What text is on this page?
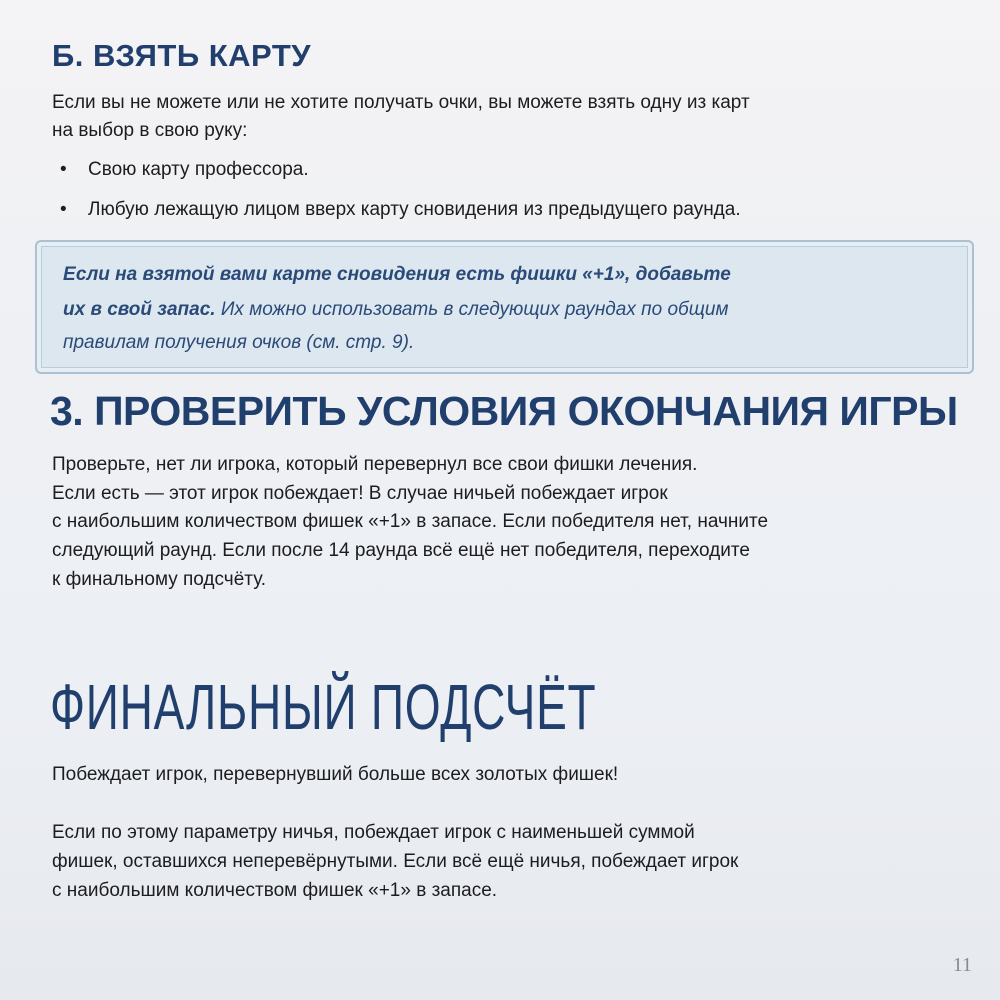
Б. ВЗЯТЬ КАРТУ
Если вы не можете или не хотите получать очки, вы можете взять одну из карт
на выбор в свою руку:
• Свою карту профессора.
• Любую лежащую лицом вверх карту сновидения из предыдущего раунда.
Если на взятой вами карте сновидения есть фишки «+1», добавьте
их в свой запас. Их можно использовать в следующих раундах по общим
правилам получения очков (см. стр. 9).
3. ПРОВЕРИТЬ УСЛОВИЯ ОКОНЧАНИЯ ИГРЫ
Проверьте, нет ли игрока, который перевернул все свои фишки лечения.
Если есть — этот игрок побеждает! В случае ничьей побеждает игрок
с наибольшим количеством фишек «+1» в запасе. Если победителя нет, начните
следующий раунд. Если после 14 раунда всё ещё нет победителя, переходите
к финальному подсчёту.
ФИНАЛЬНЫЙ ПОДСЧЁТ
Побеждает игрок, перевернувший больше всех золотых фишек!
Если по этому параметру ничья, побеждает игрок с наименьшей суммой
фишек, оставшихся неперевёрнутыми. Если всё ещё ничья, побеждает игрок
с наибольшим количеством фишек «+1» в запасе.
11
